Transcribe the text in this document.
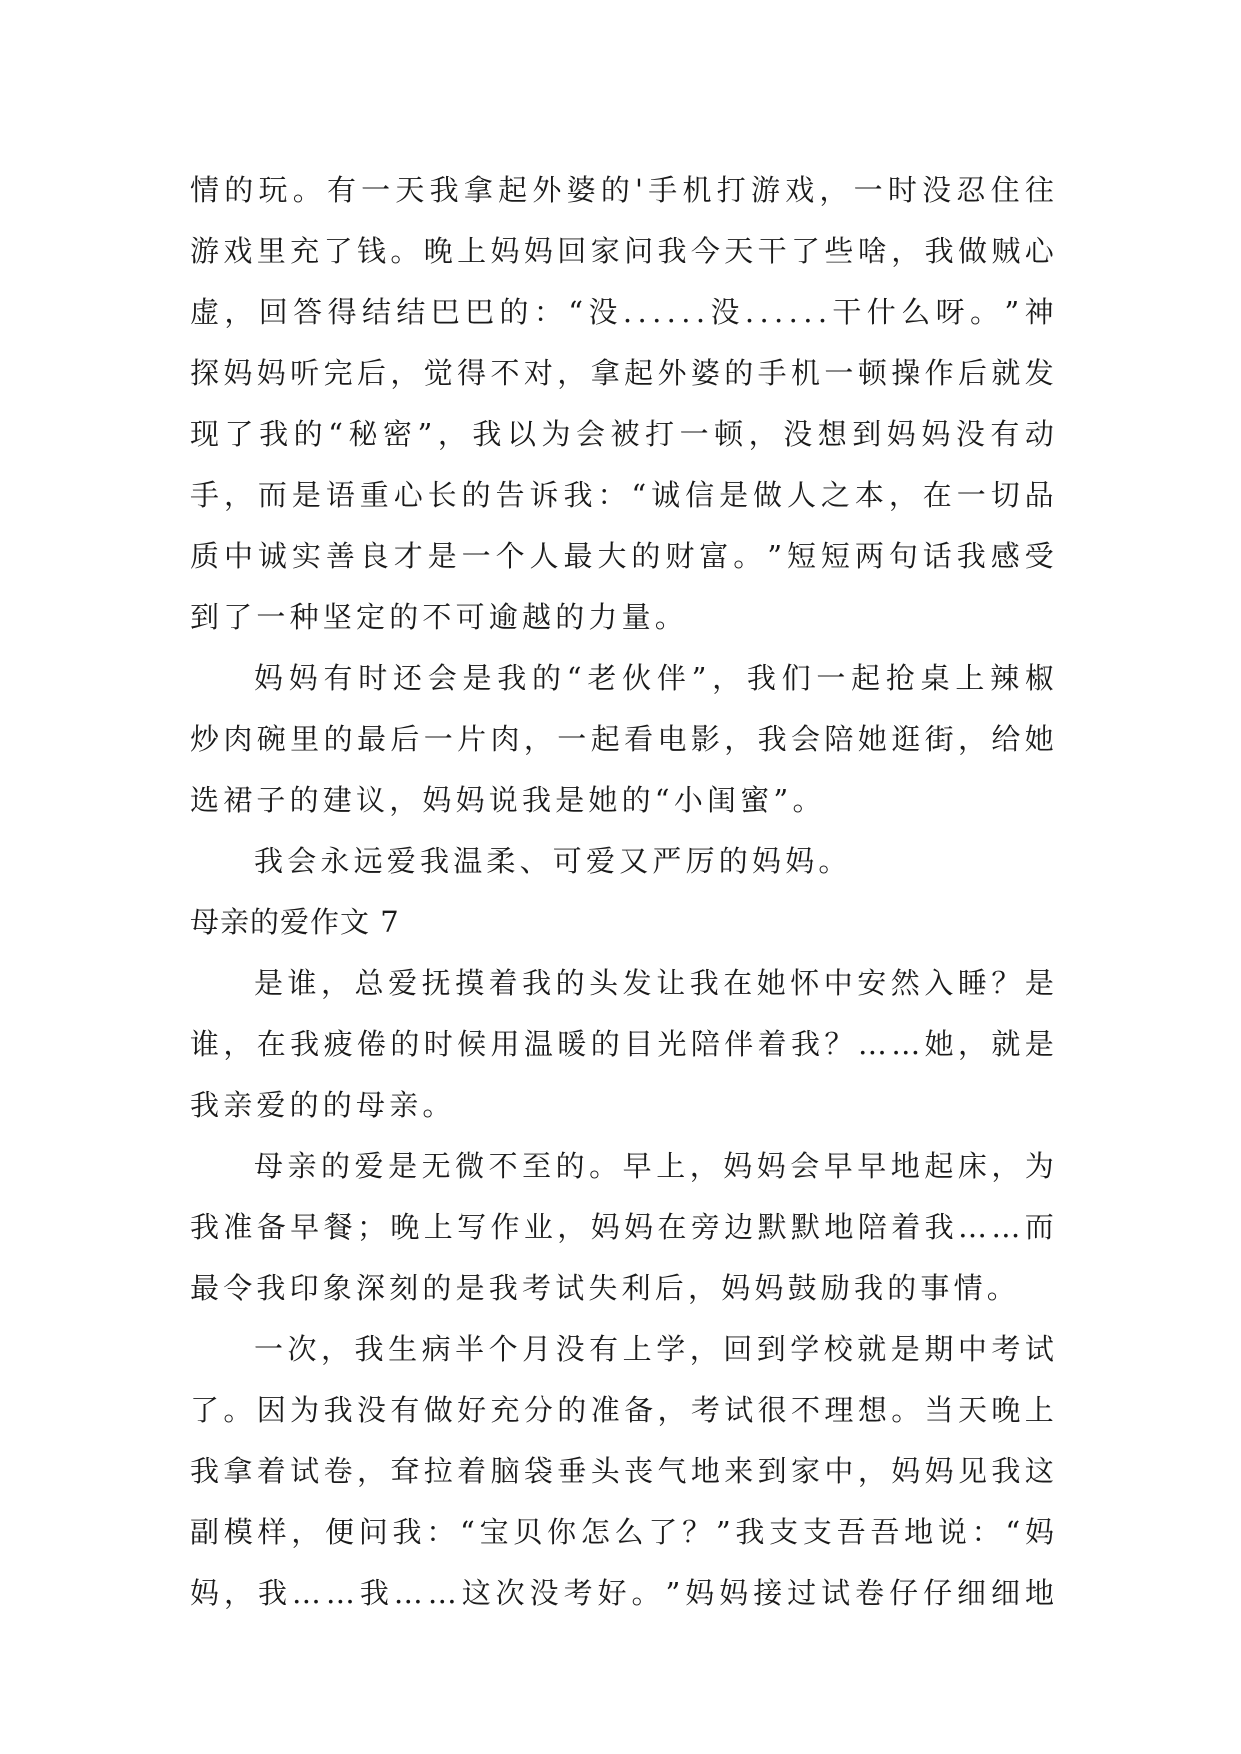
情 的 玩 。 有 一 天 我 拿 起 外 婆 的 ' 手 机 打 游 戏 ， 一 时 没 忍 住 往
游 戏 里 充 了 钱 。 晚 上 妈 妈 回 家 问 我 今 天 干 了 些 啥 ， 我 做 贼 心
虚 ， 回 答 得 结 结 巴 巴 的 ： “ 没 . . . . . . 没 . . . . . . 干 什 么 呀 。 ” 神
探 妈 妈 听 完 后 ， 觉 得 不 对 ， 拿 起 外 婆 的 手 机 一 顿 操 作 后 就 发
现 了 我 的 “ 秘 密 ” ， 我 以 为 会 被 打 一 顿 ， 没 想 到 妈 妈 没 有 动
手 ， 而 是 语 重 心 长 的 告 诉 我 ： “ 诚 信 是 做 人 之 本 ， 在 一 切 品
质 中 诚 实 善 良 才 是 一 个 人 最 大 的 财 富 。 ” 短 短 两 句 话 我 感 受
到了一种坚定的不可逾越的力量。
妈 妈 有 时 还 会 是 我 的 “ 老 伙 伴 ” ， 我 们 一 起 抢 桌 上 辣 椒
炒 肉 碗 里 的 最 后 一 片 肉 ， 一 起 看 电 影 ， 我 会 陪 她 逛 街 ， 给 她
选裙子的建议，妈妈说我是她的“小闺蜜”。
我会永远爱我温柔、可爱又严厉的妈妈。
母亲的爱作文 7
是 谁 ， 总 爱 抚 摸 着 我 的 头 发 让 我 在 她 怀 中 安 然 入 睡 ？ 是
谁 ， 在 我 疲 倦 的 时 候 用 温 暖 的 目 光 陪 伴 着 我 ？ … … 她 ， 就 是
我亲爱的的母亲。
母 亲 的 爱 是 无 微 不 至 的 。 早 上 ， 妈 妈 会 早 早 地 起 床 ， 为
我 准 备 早 餐 ； 晚 上 写 作 业 ， 妈 妈 在 旁 边 默 默 地 陪 着 我 … … 而
最令我印象深刻的是我考试失利后，妈妈鼓励我的事情。
一 次 ， 我 生 病 半 个 月 没 有 上 学 ， 回 到 学 校 就 是 期 中 考 试
了 。 因 为 我 没 有 做 好 充 分 的 准 备 ， 考 试 很 不 理 想 。 当 天 晚 上
我 拿 着 试 卷 ， 耷 拉 着 脑 袋 垂 头 丧 气 地 来 到 家 中 ， 妈 妈 见 我 这
副 模 样 ， 便 问 我 ： “ 宝 贝 你 怎 么 了 ？ ” 我 支 支 吾 吾 地 说 ： “ 妈
妈 ， 我 … … 我 … … 这 次 没 考 好 。 ” 妈 妈 接 过 试 卷 仔 仔 细 细 地
